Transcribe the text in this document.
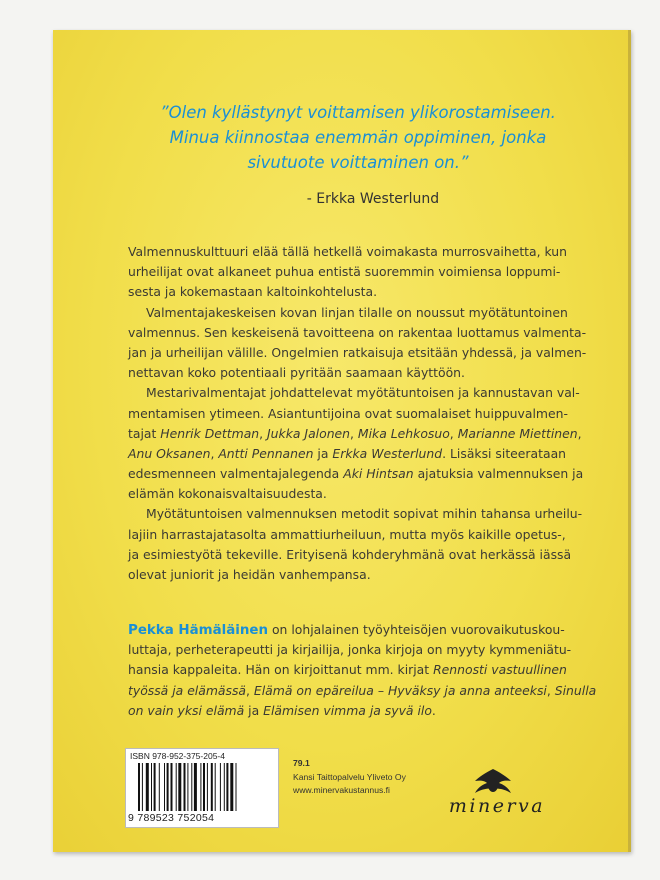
”Olen kyllästynyt voittamisen ylikorostamiseen.
Minua kiinnostaa enemmän oppiminen, jonka
sivutuote voittaminen on.”
- Erkka Westerlund
Valmennuskulttuuri elää tällä hetkellä voimakasta murrosvaihetta, kun
urheilijat ovat alkaneet puhua entistä suoremmin voimiensa loppumi-
sesta ja kokemastaan kaltoinkohtelusta.
Valmentajakeskeisen kovan linjan tilalle on noussut myötätuntoinen
valmennus. Sen keskeisenä tavoitteena on rakentaa luottamus valmenta-
jan ja urheilijan välille. Ongelmien ratkaisuja etsitään yhdessä, ja valmen-
nettavan koko potentiaali pyritään saamaan käyttöön.
Mestarivalmentajat johdattelevat myötätuntoisen ja kannustavan val-
mentamisen ytimeen. Asiantuntijoina ovat suomalaiset huippuvalmen-
tajat Henrik Dettman, Jukka Jalonen, Mika Lehkosuo, Marianne Miettinen,
Anu Oksanen, Antti Pennanen ja Erkka Westerlund. Lisäksi siteerataan
edesmenneen valmentajalegenda Aki Hintsan ajatuksia valmennuksen ja
elämän kokonaisvaltaisuudesta.
Myötätuntoisen valmennuksen metodit sopivat mihin tahansa urheilu-
lajiin harrastajatasolta ammattiurheiluun, mutta myös kaikille opetus-,
ja esimiestyötä tekeville. Erityisenä kohderyhmänä ovat herkässä iässä
olevat juniorit ja heidän vanhempansa.
Pekka Hämäläinen on lohjalainen työyhteisöjen vuorovaikutuskou-
luttaja, perheterapeutti ja kirjailija, jonka kirjoja on myyty kymmeniätu-
hansia kappaleita. Hän on kirjoittanut mm. kirjat Rennosti vastuullinen
työssä ja elämässä, Elämä on epäreilua – Hyväksy ja anna anteeksi, Sinulla
on vain yksi elämä ja Elämisen vimma ja syvä ilo.
ISBN 978-952-375-205-4
9 789523 752054
79.1
Kansi Taittopalvelu Yliveto Oy
www.minervakustannus.fi
minerva
